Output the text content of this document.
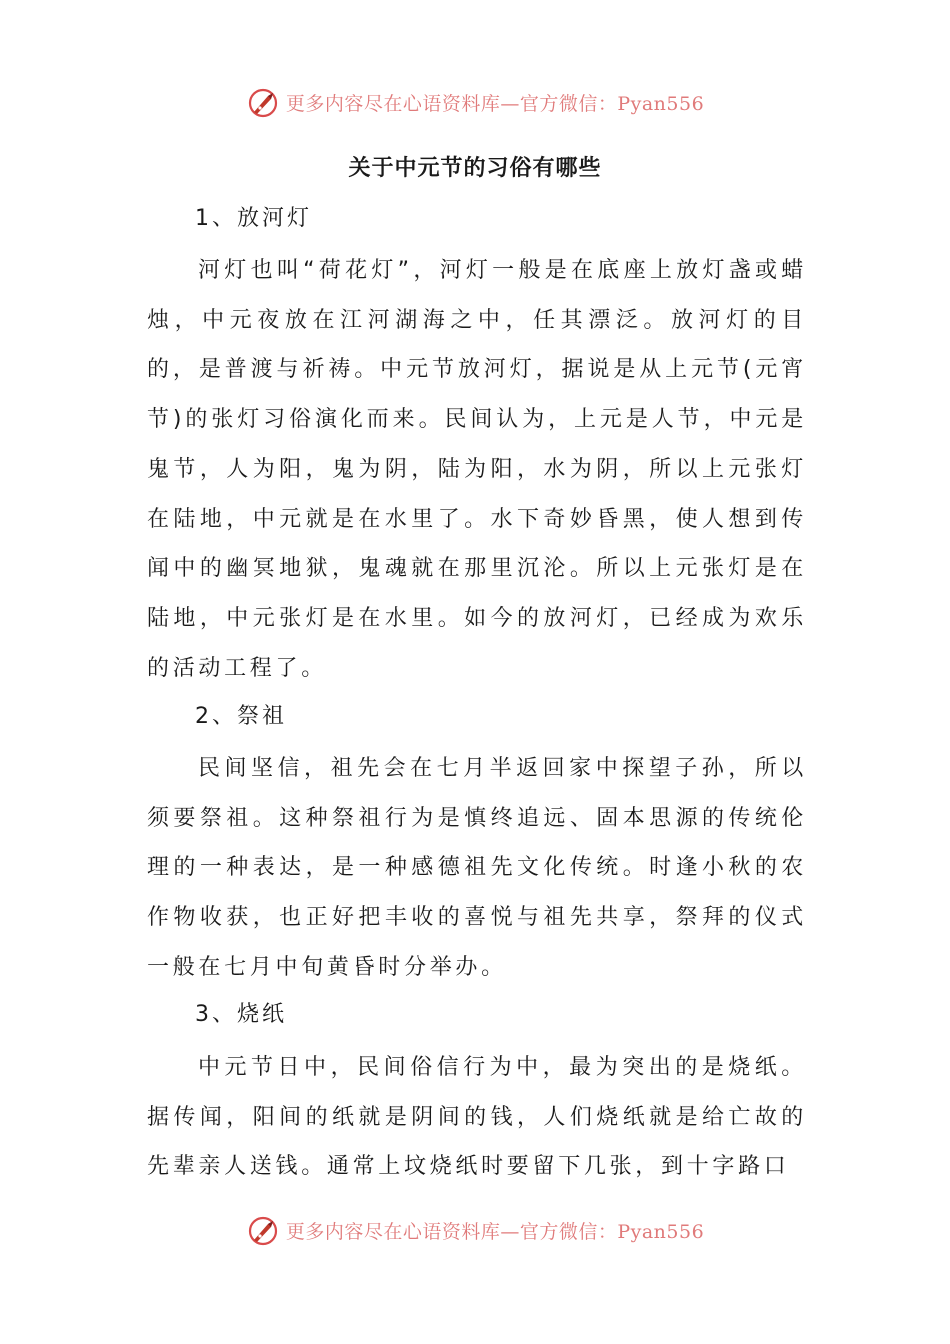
更多内容尽在心语资料库—官方微信：Pyan556
关于中元节的习俗有哪些
1、放河灯

河灯也叫“荷花灯”，河灯一般是在底座上放灯盏或蜡烛，中元夜放在江河湖海之中，任其漂泛。放河灯的目的，是普渡与祈祷。中元节放河灯，据说是从上元节(元宵节)的张灯习俗演化而来。民间认为，上元是人节，中元是鬼节，人为阳，鬼为阴，陆为阳，水为阴，所以上元张灯在陆地，中元就是在水里了。水下奇妙昏黑，使人想到传闻中的幽冥地狱，鬼魂就在那里沉沦。所以上元张灯是在陆地，中元张灯是在水里。如今的放河灯，已经成为欢乐的活动工程了。

2、祭祖

民间坚信，祖先会在七月半返回家中探望子孙，所以须要祭祖。这种祭祖行为是慎终追远、固本思源的传统伦理的一种表达，是一种感德祖先文化传统。时逢小秋的农作物收获，也正好把丰收的喜悦与祖先共享，祭拜的仪式一般在七月中旬黄昏时分举办。

3、烧纸

中元节日中，民间俗信行为中，最为突出的是烧纸。据传闻，阳间的纸就是阴间的钱，人们烧纸就是给亡故的先辈亲人送钱。通常上坟烧纸时要留下几张，到十字路口

更多内容尽在心语资料库—官方微信：Pyan556
